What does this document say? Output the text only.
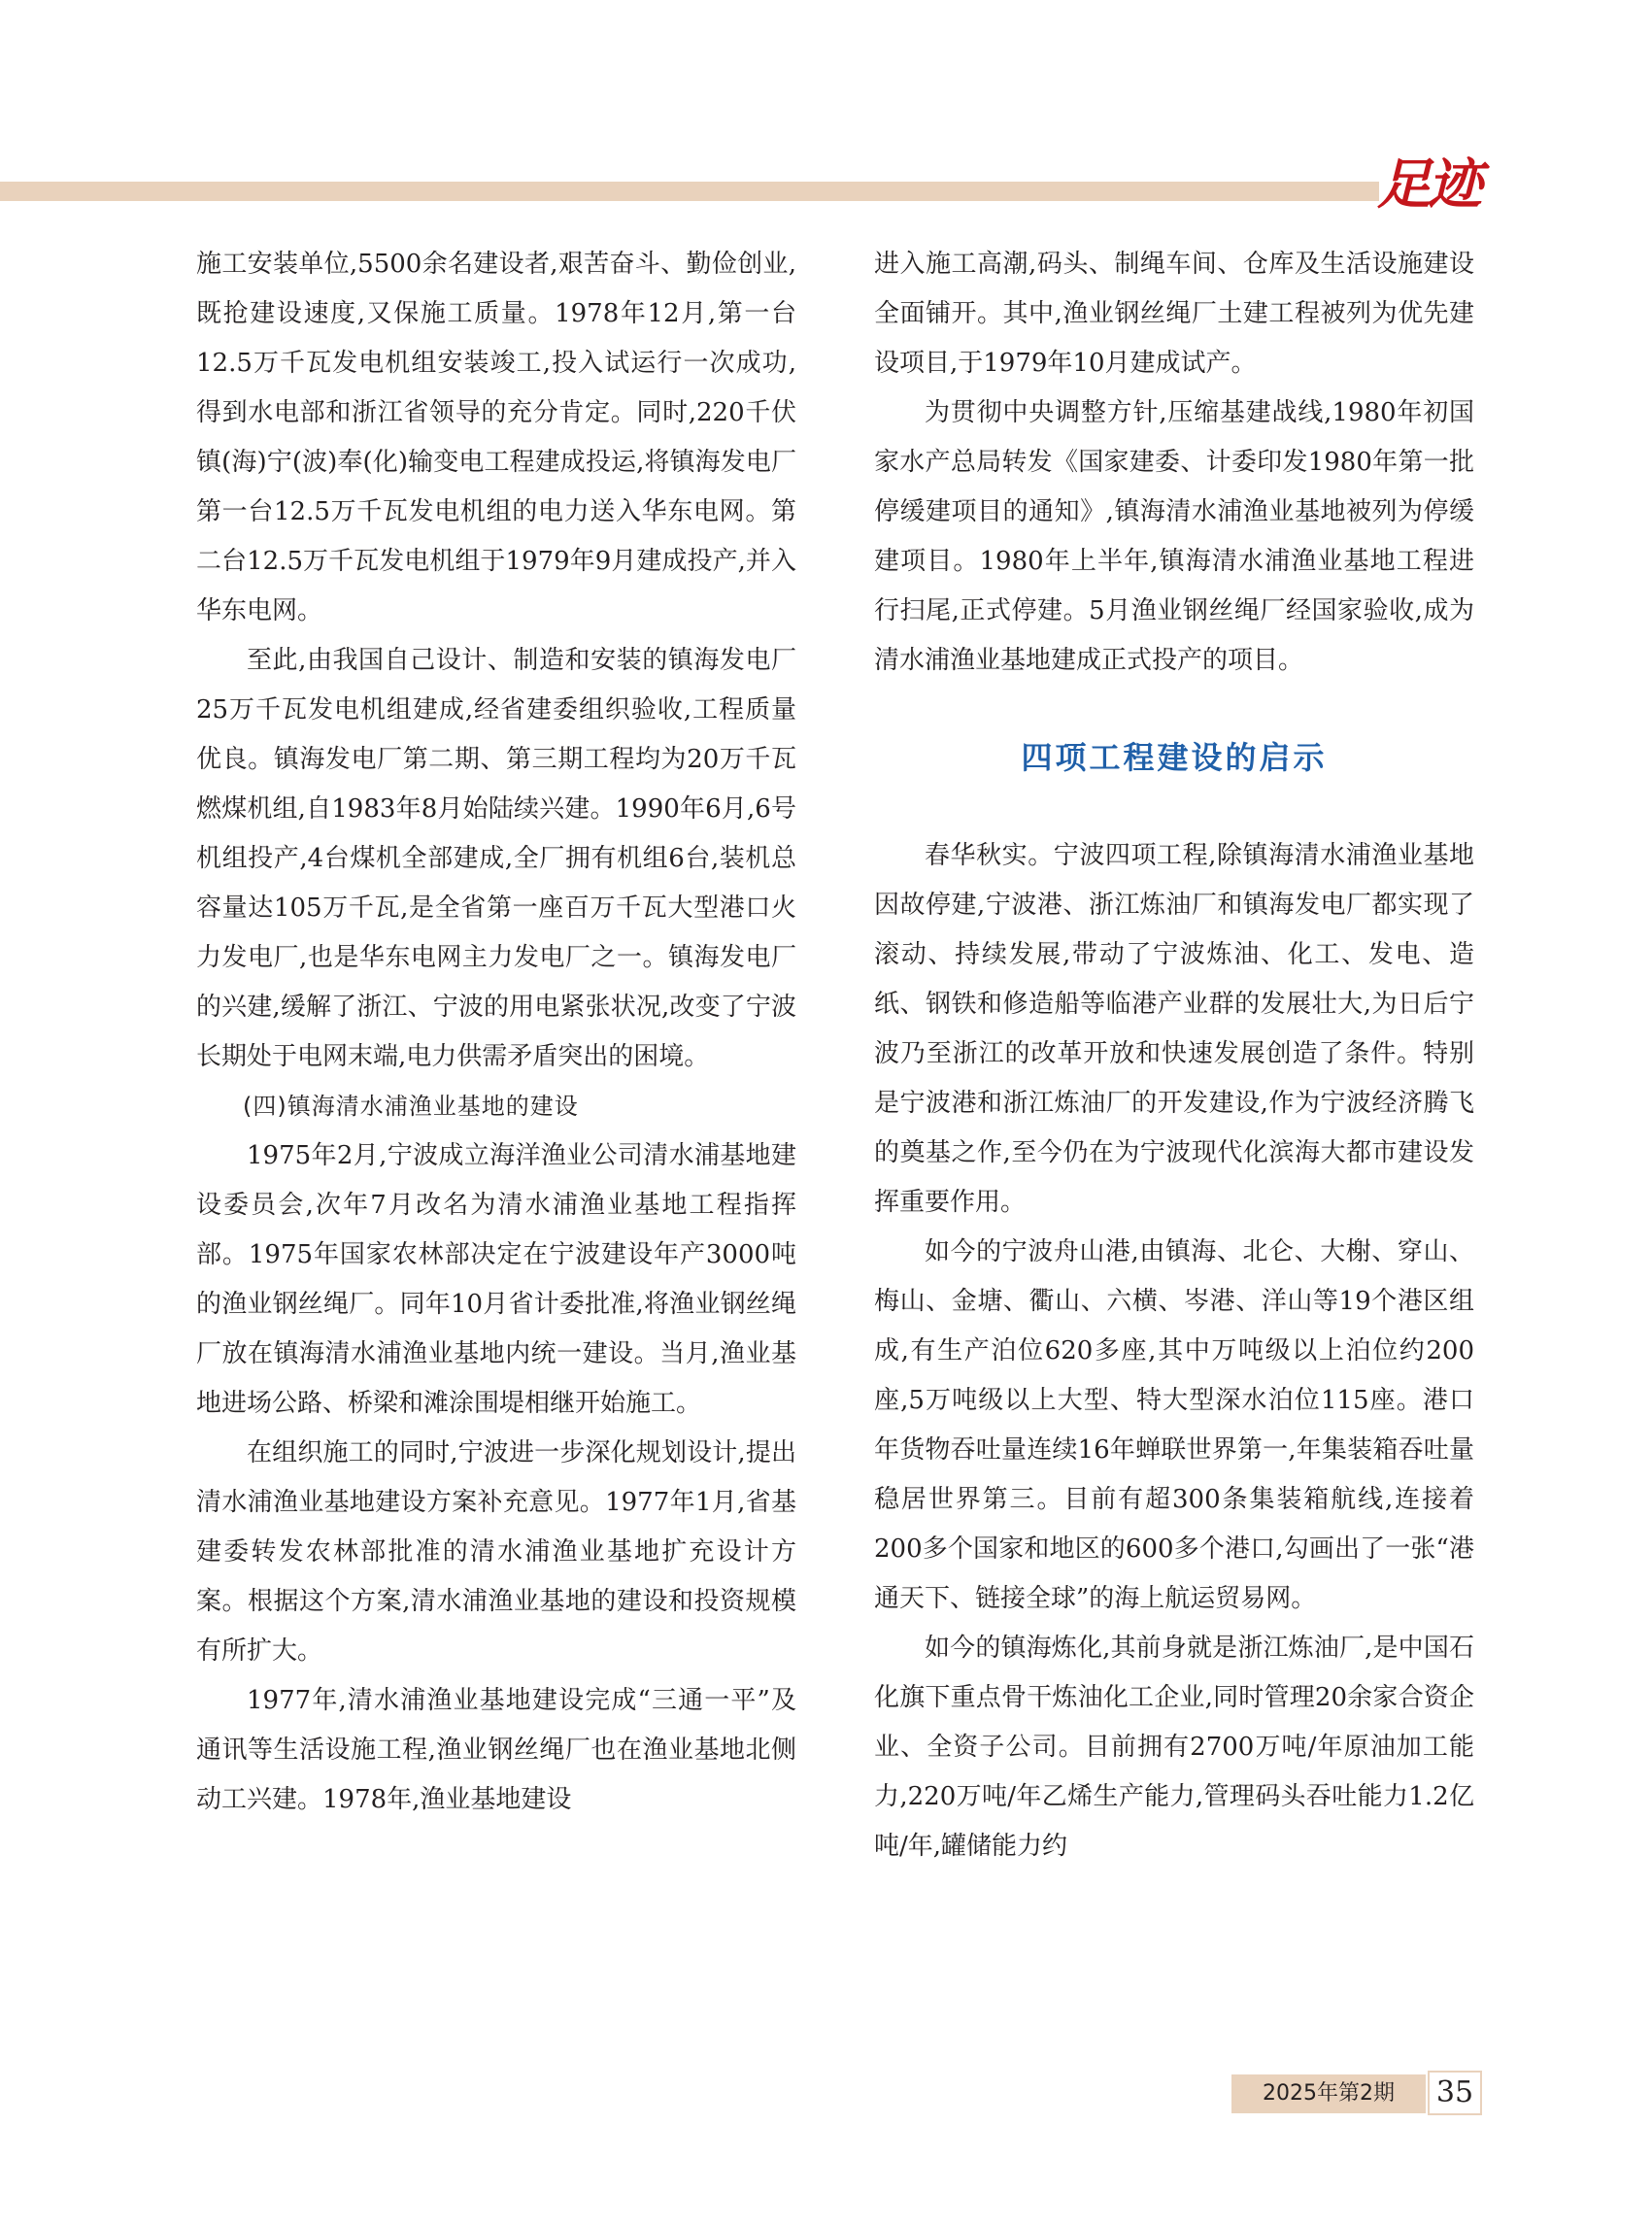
足迹

施工安装单位,5500余名建设者,艰苦奋斗、勤俭创业,既抢建设速度,又保施工质量。1978年12月,第一台12.5万千瓦发电机组安装竣工,投入试运行一次成功,得到水电部和浙江省领导的充分肯定。同时,220千伏镇(海)宁(波)奉(化)输变电工程建成投运,将镇海发电厂第一台12.5万千瓦发电机组的电力送入华东电网。第二台12.5万千瓦发电机组于1979年9月建成投产,并入华东电网。

至此,由我国自己设计、制造和安装的镇海发电厂25万千瓦发电机组建成,经省建委组织验收,工程质量优良。镇海发电厂第二期、第三期工程均为20万千瓦燃煤机组,自1983年8月始陆续兴建。1990年6月,6号机组投产,4台煤机全部建成,全厂拥有机组6台,装机总容量达105万千瓦,是全省第一座百万千瓦大型港口火力发电厂,也是华东电网主力发电厂之一。镇海发电厂的兴建,缓解了浙江、宁波的用电紧张状况,改变了宁波长期处于电网末端,电力供需矛盾突出的困境。

(四)镇海清水浦渔业基地的建设

1975年2月,宁波成立海洋渔业公司清水浦基地建设委员会,次年7月改名为清水浦渔业基地工程指挥部。1975年国家农林部决定在宁波建设年产3000吨的渔业钢丝绳厂。同年10月省计委批准,将渔业钢丝绳厂放在镇海清水浦渔业基地内统一建设。当月,渔业基地进场公路、桥梁和滩涂围堤相继开始施工。

在组织施工的同时,宁波进一步深化规划设计,提出清水浦渔业基地建设方案补充意见。1977年1月,省基建委转发农林部批准的清水浦渔业基地扩充设计方案。根据这个方案,清水浦渔业基地的建设和投资规模有所扩大。

1977年,清水浦渔业基地建设完成“三通一平”及通讯等生活设施工程,渔业钢丝绳厂也在渔业基地北侧动工兴建。1978年,渔业基地建设

进入施工高潮,码头、制绳车间、仓库及生活设施建设全面铺开。其中,渔业钢丝绳厂土建工程被列为优先建设项目,于1979年10月建成试产。

为贯彻中央调整方针,压缩基建战线,1980年初国家水产总局转发《国家建委、计委印发1980年第一批停缓建项目的通知》,镇海清水浦渔业基地被列为停缓建项目。1980年上半年,镇海清水浦渔业基地工程进行扫尾,正式停建。5月渔业钢丝绳厂经国家验收,成为清水浦渔业基地建成正式投产的项目。

四项工程建设的启示

春华秋实。宁波四项工程,除镇海清水浦渔业基地因故停建,宁波港、浙江炼油厂和镇海发电厂都实现了滚动、持续发展,带动了宁波炼油、化工、发电、造纸、钢铁和修造船等临港产业群的发展壮大,为日后宁波乃至浙江的改革开放和快速发展创造了条件。特别是宁波港和浙江炼油厂的开发建设,作为宁波经济腾飞的奠基之作,至今仍在为宁波现代化滨海大都市建设发挥重要作用。

如今的宁波舟山港,由镇海、北仑、大榭、穿山、梅山、金塘、衢山、六横、岑港、洋山等19个港区组成,有生产泊位620多座,其中万吨级以上泊位约200座,5万吨级以上大型、特大型深水泊位115座。港口年货物吞吐量连续16年蝉联世界第一,年集装箱吞吐量稳居世界第三。目前有超300条集装箱航线,连接着200多个国家和地区的600多个港口,勾画出了一张“港通天下、链接全球”的海上航运贸易网。

如今的镇海炼化,其前身就是浙江炼油厂,是中国石化旗下重点骨干炼油化工企业,同时管理20余家合资企业、全资子公司。目前拥有2700万吨/年原油加工能力,220万吨/年乙烯生产能力,管理码头吞吐能力1.2亿吨/年,罐储能力约

2025年第2期	35
